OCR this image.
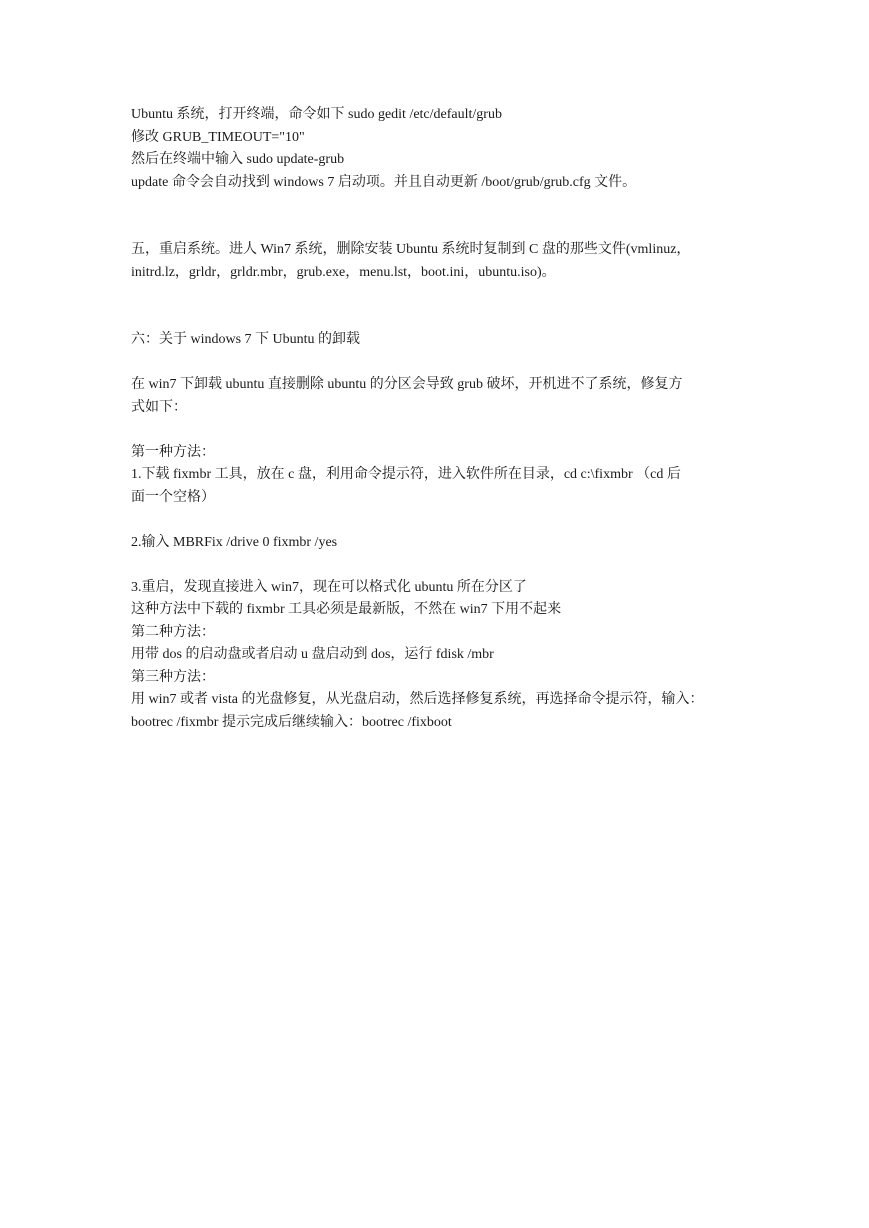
Ubuntu 系统，打开终端，命令如下 sudo gedit /etc/default/grub
修改 GRUB_TIMEOUT="10"
然后在终端中输入 sudo update-grub
update 命令会自动找到 windows 7 启动项。并且自动更新 /boot/grub/grub.cfg 文件。
五，重启系统。进人 Win7 系统，删除安装 Ubuntu 系统时复制到 C 盘的那些文件(vmlinuz，
initrd.lz，grldr，grldr.mbr，grub.exe，menu.lst，boot.ini，ubuntu.iso)。
六：关于 windows 7 下 Ubuntu 的卸载
在 win7 下卸载 ubuntu 直接删除 ubuntu 的分区会导致 grub 破坏，开机进不了系统，修复方
式如下：
第一种方法：
1.下载 fixmbr 工具，放在 c 盘，利用命令提示符，进入软件所在目录，cd c:\fixmbr （cd 后
面一个空格）
2.输入 MBRFix /drive 0 fixmbr /yes
3.重启，发现直接进入 win7，现在可以格式化 ubuntu 所在分区了
这种方法中下载的 fixmbr 工具必须是最新版，不然在 win7 下用不起来
第二种方法：
用带 dos 的启动盘或者启动 u 盘启动到 dos，运行 fdisk /mbr
第三种方法：
用 win7 或者 vista 的光盘修复，从光盘启动，然后选择修复系统，再选择命令提示符，输入：
bootrec /fixmbr 提示完成后继续输入：bootrec /fixboot
